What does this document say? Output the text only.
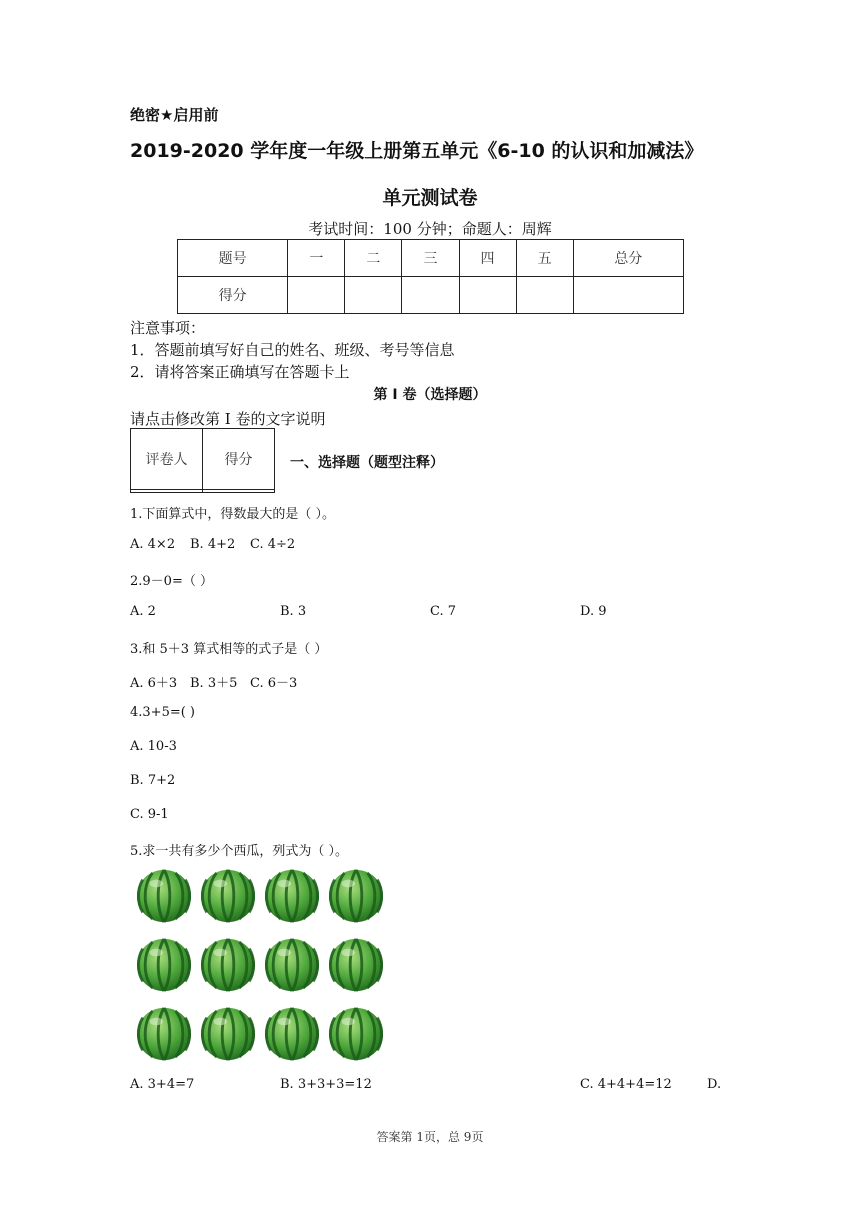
绝密★启用前
2019-2020 学年度一年级上册第五单元《6-10 的认识和加减法》
单元测试卷
考试时间：100 分钟；命题人：周辉
题号	一	二	三	四	五	总分
得分						
注意事项：
1．答题前填写好自己的姓名、班级、考号等信息
2．请将答案正确填写在答题卡上
第 I 卷（选择题）
请点击修改第 I 卷的文字说明
评卷人	得分
		一、选择题（题型注释）
1.下面算式中，得数最大的是（ ）。
A. 4×2 B. 4+2 C. 4÷2
2.9－0=（ ）
A. 2	B. 3	C. 7	D. 9
3.和 5＋3 算式相等的式子是（ ）
A. 6＋3 B. 3＋5 C. 6－3
4.3+5=( )
A. 10-3
B. 7+2
C. 9-1
5.求一共有多少个西瓜，列式为（ ）。
A. 3+4=7	B. 3+3+3=12	C. 4+4+4=12	D.
答案第 1页，总 9页
